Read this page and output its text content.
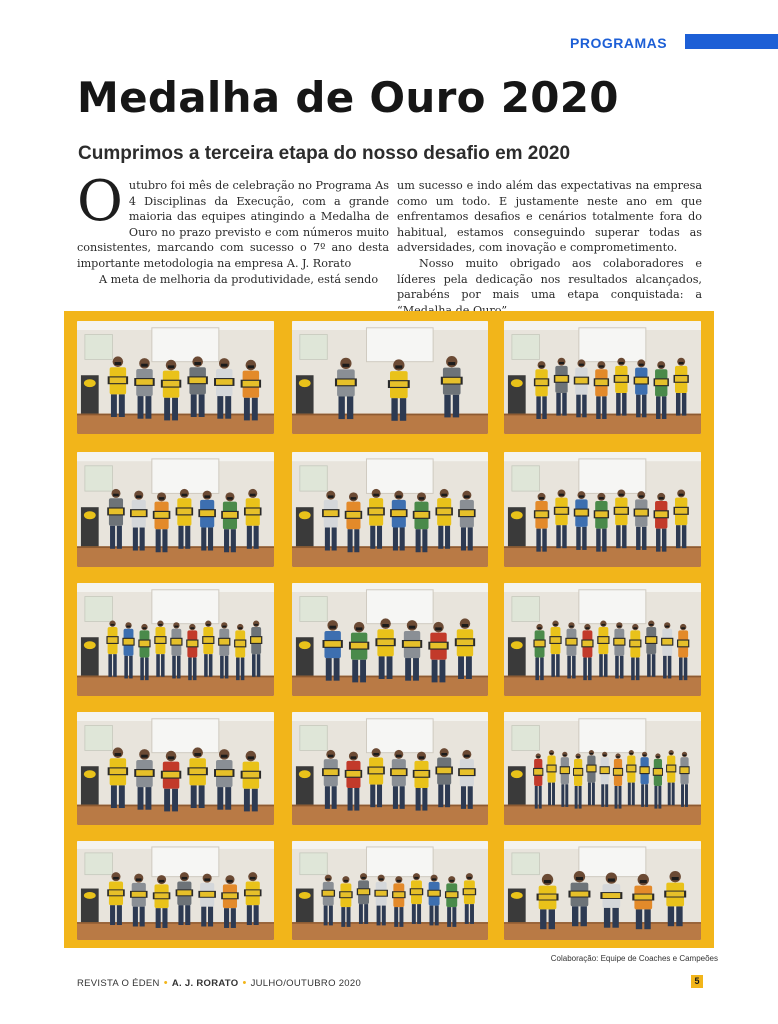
PROGRAMAS
Medalha de Ouro 2020
Cumprimos a terceira etapa do nosso desafio em 2020
O utubro foi mês de celebração no Programa As 4 Disciplinas da Execução, com a grande maioria das equipes atingindo a Medalha de Ouro no prazo previsto e com números muito consistentes, marcando com sucesso o 7º ano desta importante metodologia na empresa A. J. Rorato

A meta de melhoria da produtividade, está sendo

um sucesso e indo além das expectativas na empresa como um todo. E justamente neste ano em que enfrentamos desafios e cenários totalmente fora do habitual, estamos conseguindo superar todas as adversidades, com inovação e comprometimento.

Nosso muito obrigado aos colaboradores e líderes pela dedicação nos resultados alcançados, parabéns por mais uma etapa conquistada: a

Colaboração: Equipe de Coaches e Campeões
REVISTA O ÉDEN • A. J. RORATO • JULHO/OUTUBRO 2020	5
